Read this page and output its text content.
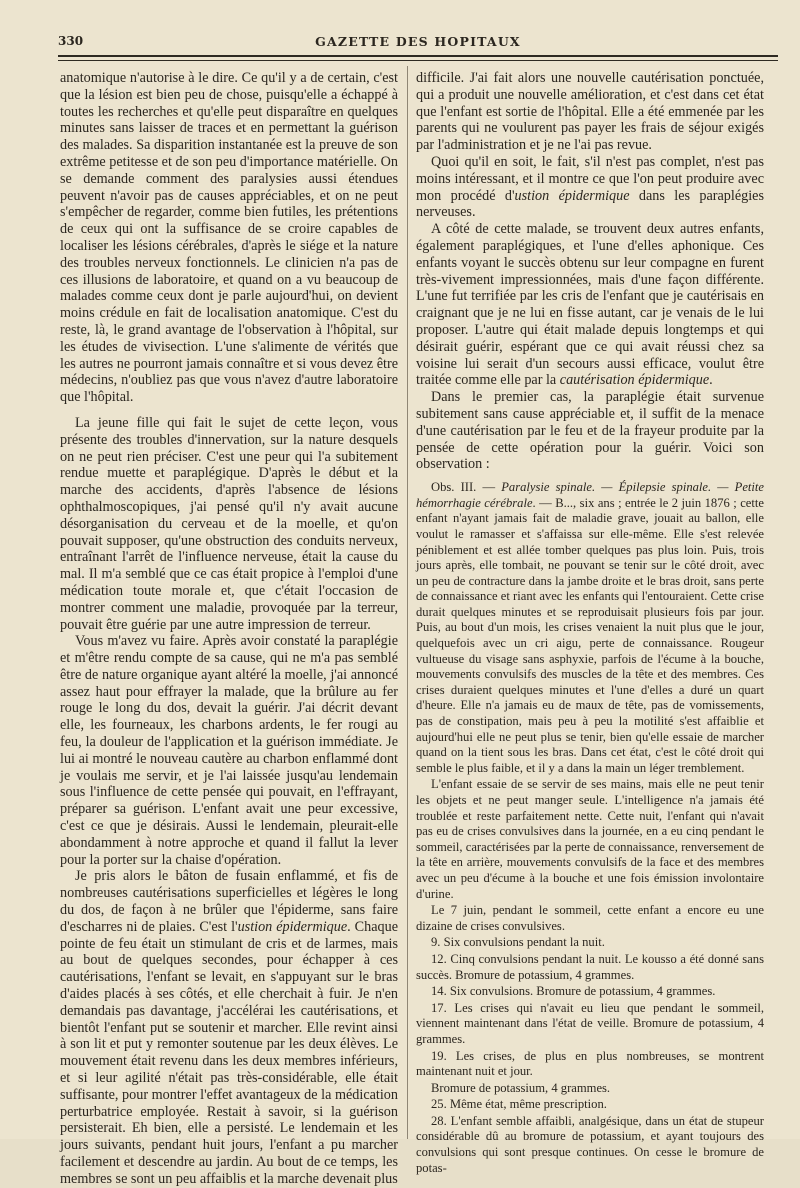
330	GAZETTE DES HOPITAUX

anatomique n'autorise à le dire. Ce qu'il y a de certain, c'est que la lésion est bien peu de chose, puisqu'elle a échappé à toutes les recherches et qu'elle peut disparaître en quelques minutes sans laisser de traces et en permettant la guérison des malades. Sa disparition instantanée est la preuve de son extrême petitesse et de son peu d'importance matérielle. On se demande comment des paralysies aussi étendues peuvent n'avoir pas de causes appréciables, et on ne peut s'empêcher de regarder, comme bien futiles, les prétentions de ceux qui ont la suffisance de se croire capables de localiser les lésions cérébrales, d'après le siége et la nature des troubles nerveux fonctionnels. Le clinicien n'a pas de ces illusions de laboratoire, et quand on a vu beaucoup de malades comme ceux dont je parle aujourd'hui, on devient moins crédule en fait de localisation anatomique. C'est du reste, là, le grand avantage de l'observation à l'hôpital, sur les études de vivisection. L'une s'alimente de vérités que les autres ne pourront jamais connaître et si vous devez être médecins, n'oubliez pas que vous n'avez d'autre laboratoire que l'hôpital.

La jeune fille qui fait le sujet de cette leçon, vous présente des troubles d'innervation, sur la nature desquels on ne peut rien préciser. C'est une peur qui l'a subitement rendue muette et paraplégique. D'après le début et la marche des accidents, d'après l'absence de lésions ophthalmoscopiques, j'ai pensé qu'il n'y avait aucune désorganisation du cerveau et de la moelle, et qu'on pouvait supposer, qu'une obstruction des conduits nerveux, entraînant l'arrêt de l'influence nerveuse, était la cause du mal. Il m'a semblé que ce cas était propice à l'emploi d'une médication toute morale et, que c'était l'occasion de montrer comment une maladie, provoquée par la terreur, pouvait être guérie par une autre impression de terreur.

Vous m'avez vu faire. Après avoir constaté la paraplégie et m'être rendu compte de sa cause, qui ne m'a pas semblé être de nature organique ayant altéré la moelle, j'ai annoncé assez haut pour effrayer la malade, que la brûlure au fer rouge le long du dos, devait la guérir. J'ai décrit devant elle, les fourneaux, les charbons ardents, le fer rougi au feu, la douleur de l'application et la guérison immédiate. Je lui ai montré le nouveau cautère au charbon enflammé dont je voulais me servir, et je l'ai laissée jusqu'au lendemain sous l'influence de cette pensée qui pouvait, en l'effrayant, préparer sa guérison. L'enfant avait une peur excessive, c'est ce que je désirais. Aussi le lendemain, pleurait-elle abondamment à notre approche et quand il fallut la lever pour la porter sur la chaise d'opération.

Je pris alors le bâton de fusain enflammé, et fis de nombreuses cautérisations superficielles et légères le long du dos, de façon à ne brûler que l'épiderme, sans faire d'escharres ni de plaies. C'est l'ustion épidermique. Chaque pointe de feu était un stimulant de cris et de larmes, mais au bout de quelques secondes, pour échapper à ces cautérisations, l'enfant se levait, en s'appuyant sur le bras d'aides placés à ses côtés, et elle cherchait à fuir. Je n'en demandais pas davantage, j'accélérai les cautérisations, et bientôt l'enfant put se soutenir et marcher. Elle revint ainsi à son lit et put y remonter soutenue par les deux élèves. Le mouvement était revenu dans les deux membres inférieurs, et si leur agilité n'était pas très-considérable, elle était suffisante, pour montrer l'effet avantageux de la médication perturbatrice employée. Restait à savoir, si la guérison persisterait. Eh bien, elle a persisté. Le lendemain et les jours suivants, pendant huit jours, l'enfant a pu marcher facilement et descendre au jardin. Au bout de ce temps, les membres se sont un peu affaiblis et la marche devenait plus

difficile. J'ai fait alors une nouvelle cautérisation ponctuée, qui a produit une nouvelle amélioration, et c'est dans cet état que l'enfant est sortie de l'hôpital. Elle a été emmenée par les parents qui ne voulurent pas payer les frais de séjour exigés par l'administration et je ne l'ai pas revue.

Quoi qu'il en soit, le fait, s'il n'est pas complet, n'est pas moins intéressant, et il montre ce que l'on peut produire avec mon procédé d'ustion épidermique dans les paraplégies nerveuses.

A côté de cette malade, se trouvent deux autres enfants, également paraplégiques, et l'une d'elles aphonique. Ces enfants voyant le succès obtenu sur leur compagne en furent très-vivement impressionnées, mais d'une façon différente. L'une fut terrifiée par les cris de l'enfant que je cautérisais en craignant que je ne lui en fisse autant, car je venais de le lui proposer. L'autre qui était malade depuis longtemps et qui désirait guérir, espérant que ce qui avait réussi chez sa voisine lui serait d'un secours aussi efficace, voulut être traitée comme elle par la cautérisation épidermique.

Dans le premier cas, la paraplégie était survenue subitement sans cause appréciable et, il suffit de la menace d'une cautérisation par le feu et de la frayeur produite par la pensée de cette opération pour la guérir. Voici son observation :

Obs. III. — Paralysie spinale. — Épilepsie spinale. — Petite hémorrhagie cérébrale. — B..., six ans ; entrée le 2 juin 1876 ; cette enfant n'ayant jamais fait de maladie grave, jouait au ballon, elle voulut le ramasser et s'affaissa sur elle-même. Elle s'est relevée péniblement et est allée tomber quelques pas plus loin. Puis, trois jours après, elle tombait, ne pouvant se tenir sur le côté droit, avec un peu de contracture dans la jambe droite et le bras droit, sans perte de connaissance et riant avec les enfants qui l'entouraient. Cette crise durait quelques minutes et se reproduisait plusieurs fois par jour. Puis, au bout d'un mois, les crises venaient la nuit plus que le jour, quelquefois avec un cri aigu, perte de connaissance. Rougeur vultueuse du visage sans asphyxie, parfois de l'écume à la bouche, mouvements convulsifs des muscles de la tête et des membres. Ces crises duraient quelques minutes et l'une d'elles a duré un quart d'heure. Elle n'a jamais eu de maux de tête, pas de vomissements, pas de constipation, mais peu à peu la motilité s'est affaiblie et aujourd'hui elle ne peut plus se tenir, bien qu'elle essaie de marcher quand on la tient sous les bras. Dans cet état, c'est le côté droit qui semble le plus faible, et il y a dans la main un léger tremblement.

L'enfant essaie de se servir de ses mains, mais elle ne peut tenir les objets et ne peut manger seule. L'intelligence n'a jamais été troublée et reste parfaitement nette. Cette nuit, l'enfant qui n'avait pas eu de crises convulsives dans la journée, en a eu cinq pendant le sommeil, caractérisées par la perte de connaissance, renversement de la tête en arrière, mouvements convulsifs de la face et des membres avec un peu d'écume à la bouche et une fois émission involontaire d'urine.

Le 7 juin, pendant le sommeil, cette enfant a encore eu une dizaine de crises convulsives.

9. Six convulsions pendant la nuit.

12. Cinq convulsions pendant la nuit. Le kousso a été donné sans succès. Bromure de potassium, 4 grammes.

14. Six convulsions. Bromure de potassium, 4 grammes.

17. Les crises qui n'avait eu lieu que pendant le sommeil, viennent maintenant dans l'état de veille. Bromure de potassium, 4 grammes.

19. Les crises, de plus en plus nombreuses, se montrent maintenant nuit et jour.

Bromure de potassium, 4 grammes.

25. Même état, même prescription.

28. L'enfant semble affaibli, analgésique, dans un état de stupeur considérable dû au bromure de potassium, et ayant toujours des convulsions qui sont presque continues. On cesse le bromure de potas-
